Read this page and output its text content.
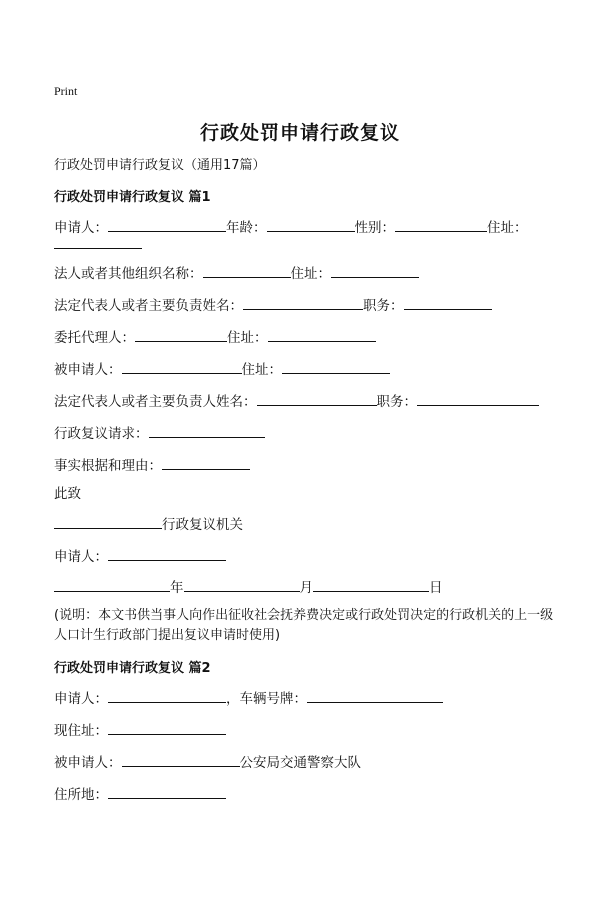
Print
行政处罚申请行政复议
行政处罚申请行政复议（通用17篇）
行政处罚申请行政复议 篇1
申请人：	年龄：	性别：	住址：
法人或者其他组织名称：	住址：
法定代表人或者主要负责姓名：	职务：
委托代理人：	住址：
被申请人：	住址：
法定代表人或者主要负责人姓名：	职务：
行政复议请求：
事实根据和理由：
此致
行政复议机关
申请人：
年	月	日
(说明：本文书供当事人向作出征收社会抚养费决定或行政处罚决定的行政机关的上一级人口计生行政部门提出复议申请时使用)
行政处罚申请行政复议 篇2
申请人：	，车辆号牌：
现住址：
被申请人：	公安局交通警察大队
住所地：
